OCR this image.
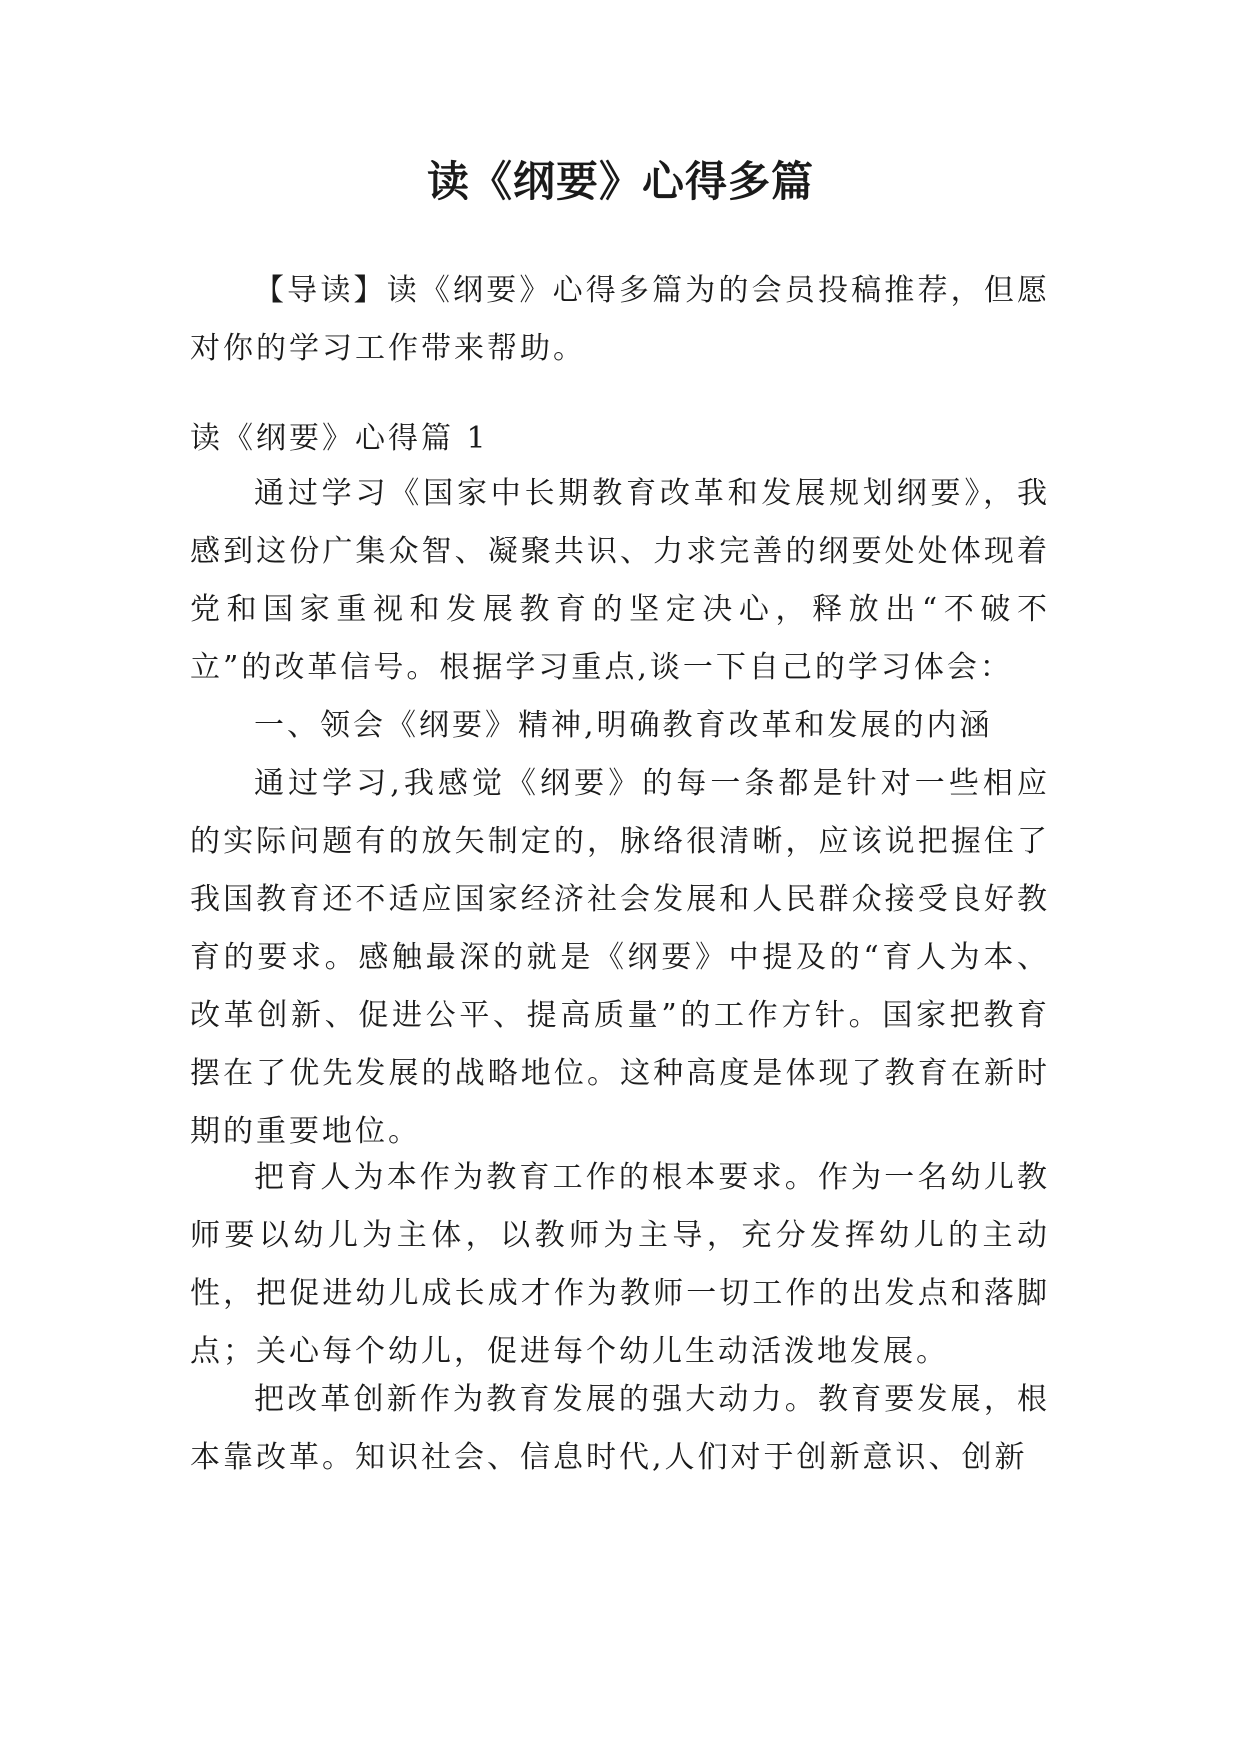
读《纲要》心得多篇

【导读】读《纲要》心得多篇为的会员投稿推荐，但愿对你的学习工作带来帮助。

读《纲要》心得篇 1

通过学习《国家中长期教育改革和发展规划纲要》，我感到这份广集众智、凝聚共识、力求完善的纲要处处体现着党和国家重视和发展教育的坚定决心，释放出“不破不立”的改革信号。根据学习重点,谈一下自己的学习体会：

一、领会《纲要》精神,明确教育改革和发展的内涵

通过学习,我感觉《纲要》的每一条都是针对一些相应的实际问题有的放矢制定的，脉络很清晰，应该说把握住了我国教育还不适应国家经济社会发展和人民群众接受良好教育的要求。感触最深的就是《纲要》中提及的“育人为本、改革创新、促进公平、提高质量”的工作方针。国家把教育摆在了优先发展的战略地位。这种高度是体现了教育在新时期的重要地位。

把育人为本作为教育工作的根本要求。作为一名幼儿教师要以幼儿为主体，以教师为主导，充分发挥幼儿的主动性，把促进幼儿成长成才作为教师一切工作的出发点和落脚点；关心每个幼儿，促进每个幼儿生动活泼地发展。

把改革创新作为教育发展的强大动力。教育要发展，根本靠改革。知识社会、信息时代,人们对于创新意识、创新
